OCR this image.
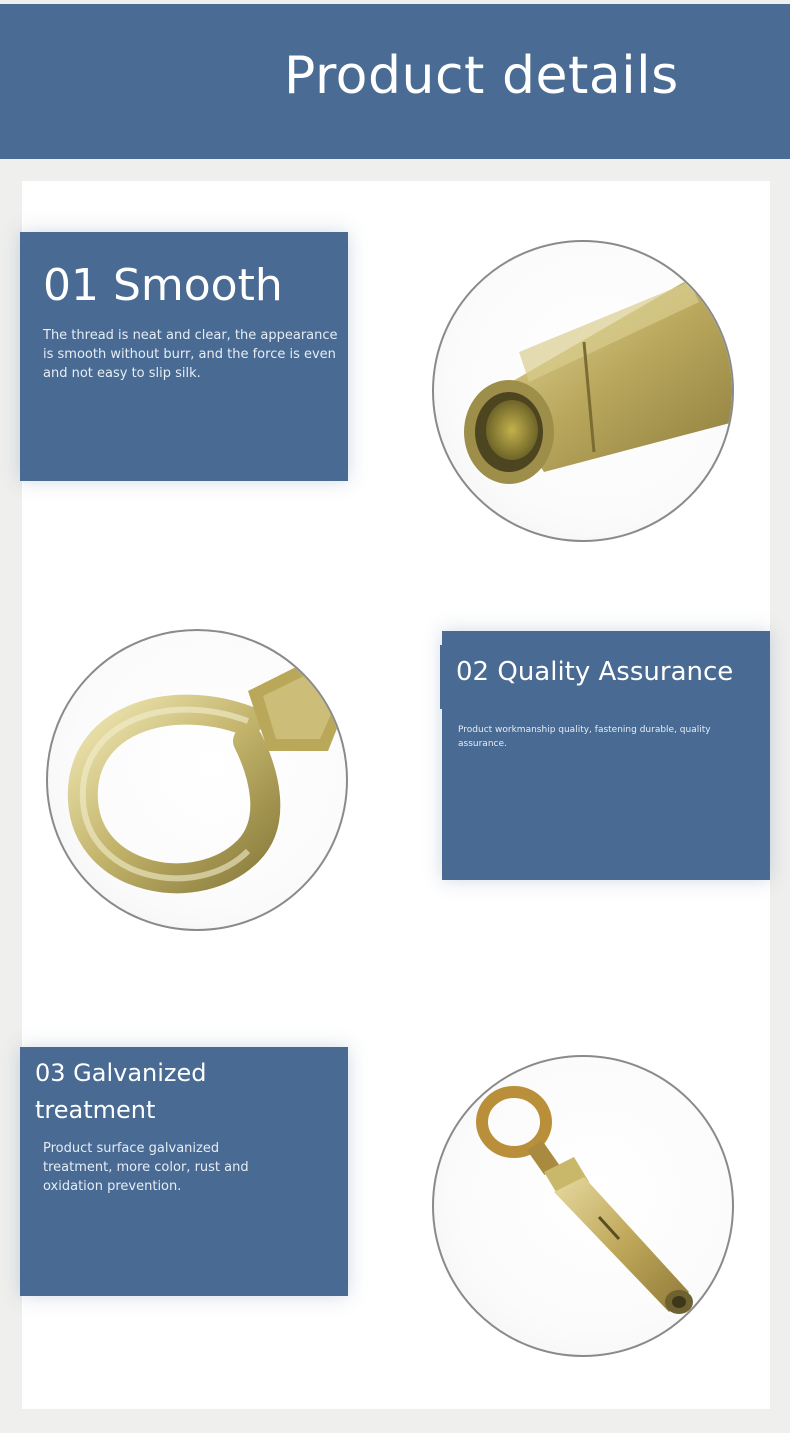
Product details
01 Smooth

The thread is neat and clear, the appearance is smooth without burr, and the force is even and not easy to slip silk.

02 Quality Assurance

Product workmanship quality, fastening durable, quality assurance.

03 Galvanized treatment

Product surface galvanized treatment, more color, rust and oxidation prevention.
